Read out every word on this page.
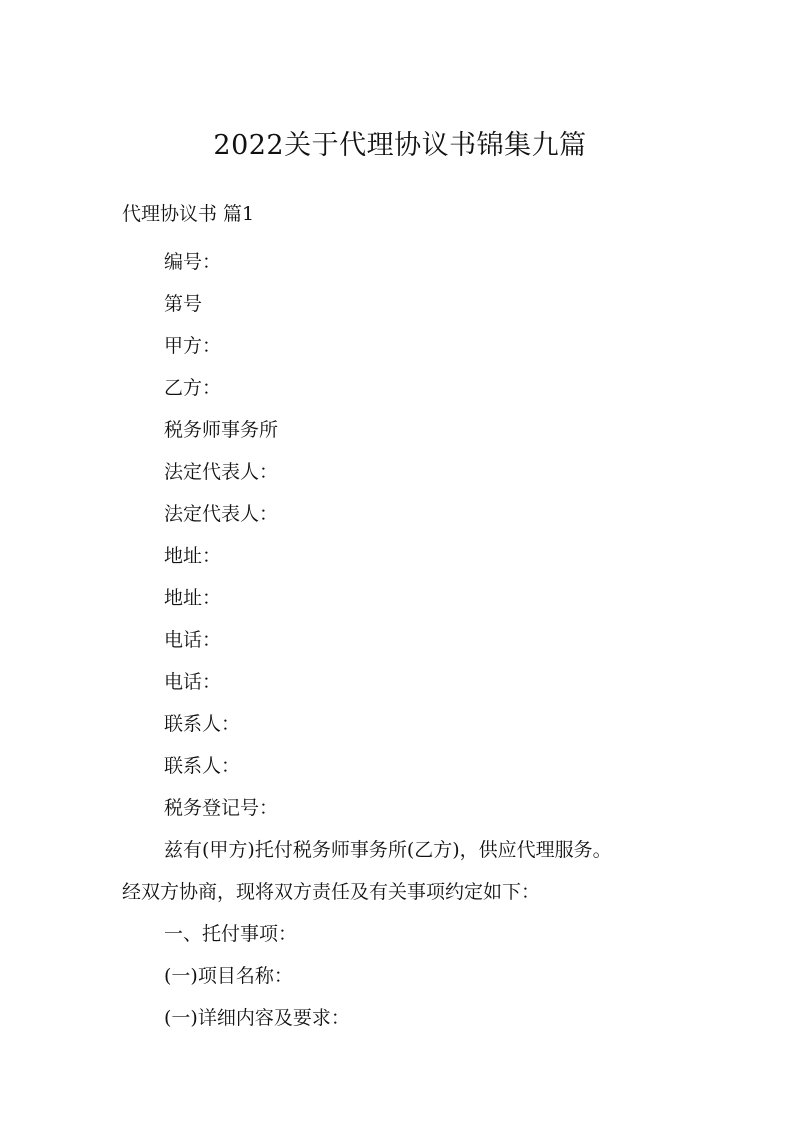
2022关于代理协议书锦集九篇
代理协议书 篇1
编号：
第号
甲方：
乙方：
税务师事务所
法定代表人：
法定代表人：
地址：
地址：
电话：
电话：
联系人：
联系人：
税务登记号：
兹有(甲方)托付税务师事务所(乙方)，供应代理服务。
经双方协商，现将双方责任及有关事项约定如下：
一、托付事项：
(一)项目名称：
(一)详细内容及要求：
